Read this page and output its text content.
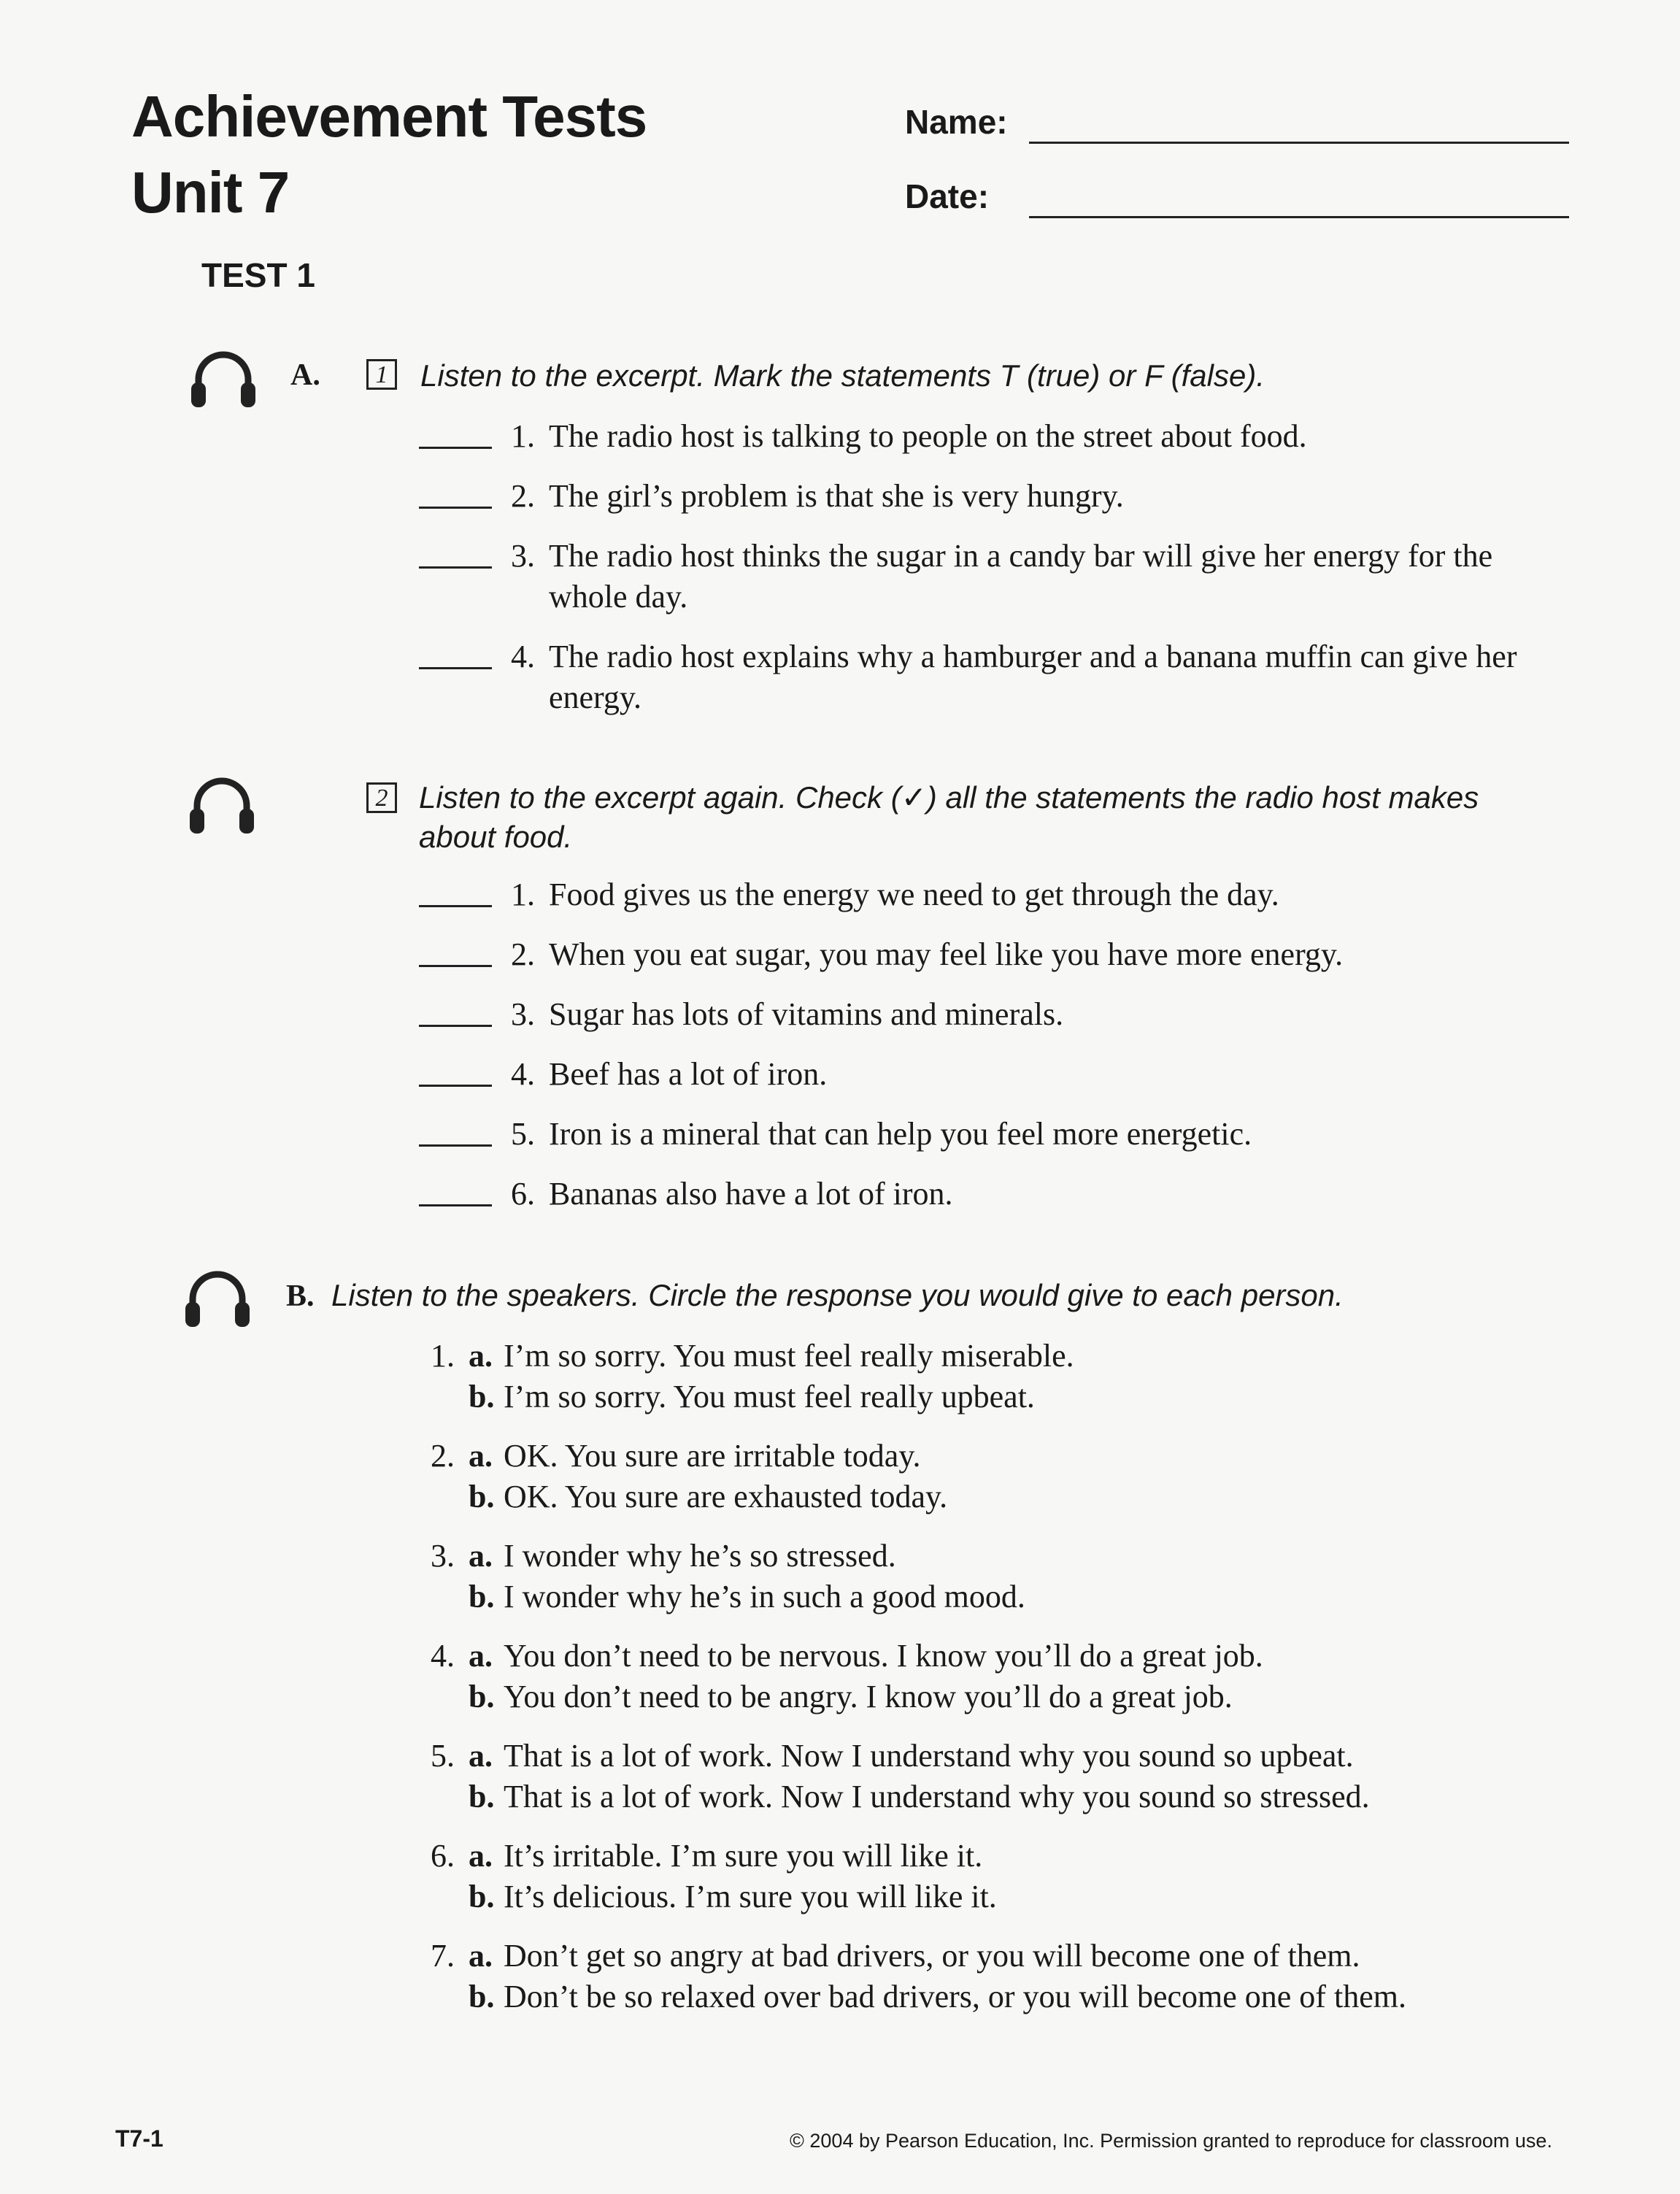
Achievement Tests
Unit 7
Name:
Date:
TEST 1
A.	1 Listen to the excerpt. Mark the statements T (true) or F (false).
1. The radio host is talking to people on the street about food.
2. The girl’s problem is that she is very hungry.
3. The radio host thinks the sugar in a candy bar will give her energy for the whole day.
4. The radio host explains why a hamburger and a banana muffin can give her energy.
2 Listen to the excerpt again. Check (✓) all the statements the radio host makes about food.
1. Food gives us the energy we need to get through the day.
2. When you eat sugar, you may feel like you have more energy.
3. Sugar has lots of vitamins and minerals.
4. Beef has a lot of iron.
5. Iron is a mineral that can help you feel more energetic.
6. Bananas also have a lot of iron.
B. Listen to the speakers. Circle the response you would give to each person.
1. a. I’m so sorry. You must feel really miserable.
b. I’m so sorry. You must feel really upbeat.
2. a. OK. You sure are irritable today.
b. OK. You sure are exhausted today.
3. a. I wonder why he’s so stressed.
b. I wonder why he’s in such a good mood.
4. a. You don’t need to be nervous. I know you’ll do a great job.
b. You don’t need to be angry. I know you’ll do a great job.
5. a. That is a lot of work. Now I understand why you sound so upbeat.
b. That is a lot of work. Now I understand why you sound so stressed.
6. a. It’s irritable. I’m sure you will like it.
b. It’s delicious. I’m sure you will like it.
7. a. Don’t get so angry at bad drivers, or you will become one of them.
b. Don’t be so relaxed over bad drivers, or you will become one of them.
T7-1	© 2004 by Pearson Education, Inc. Permission granted to reproduce for classroom use.
